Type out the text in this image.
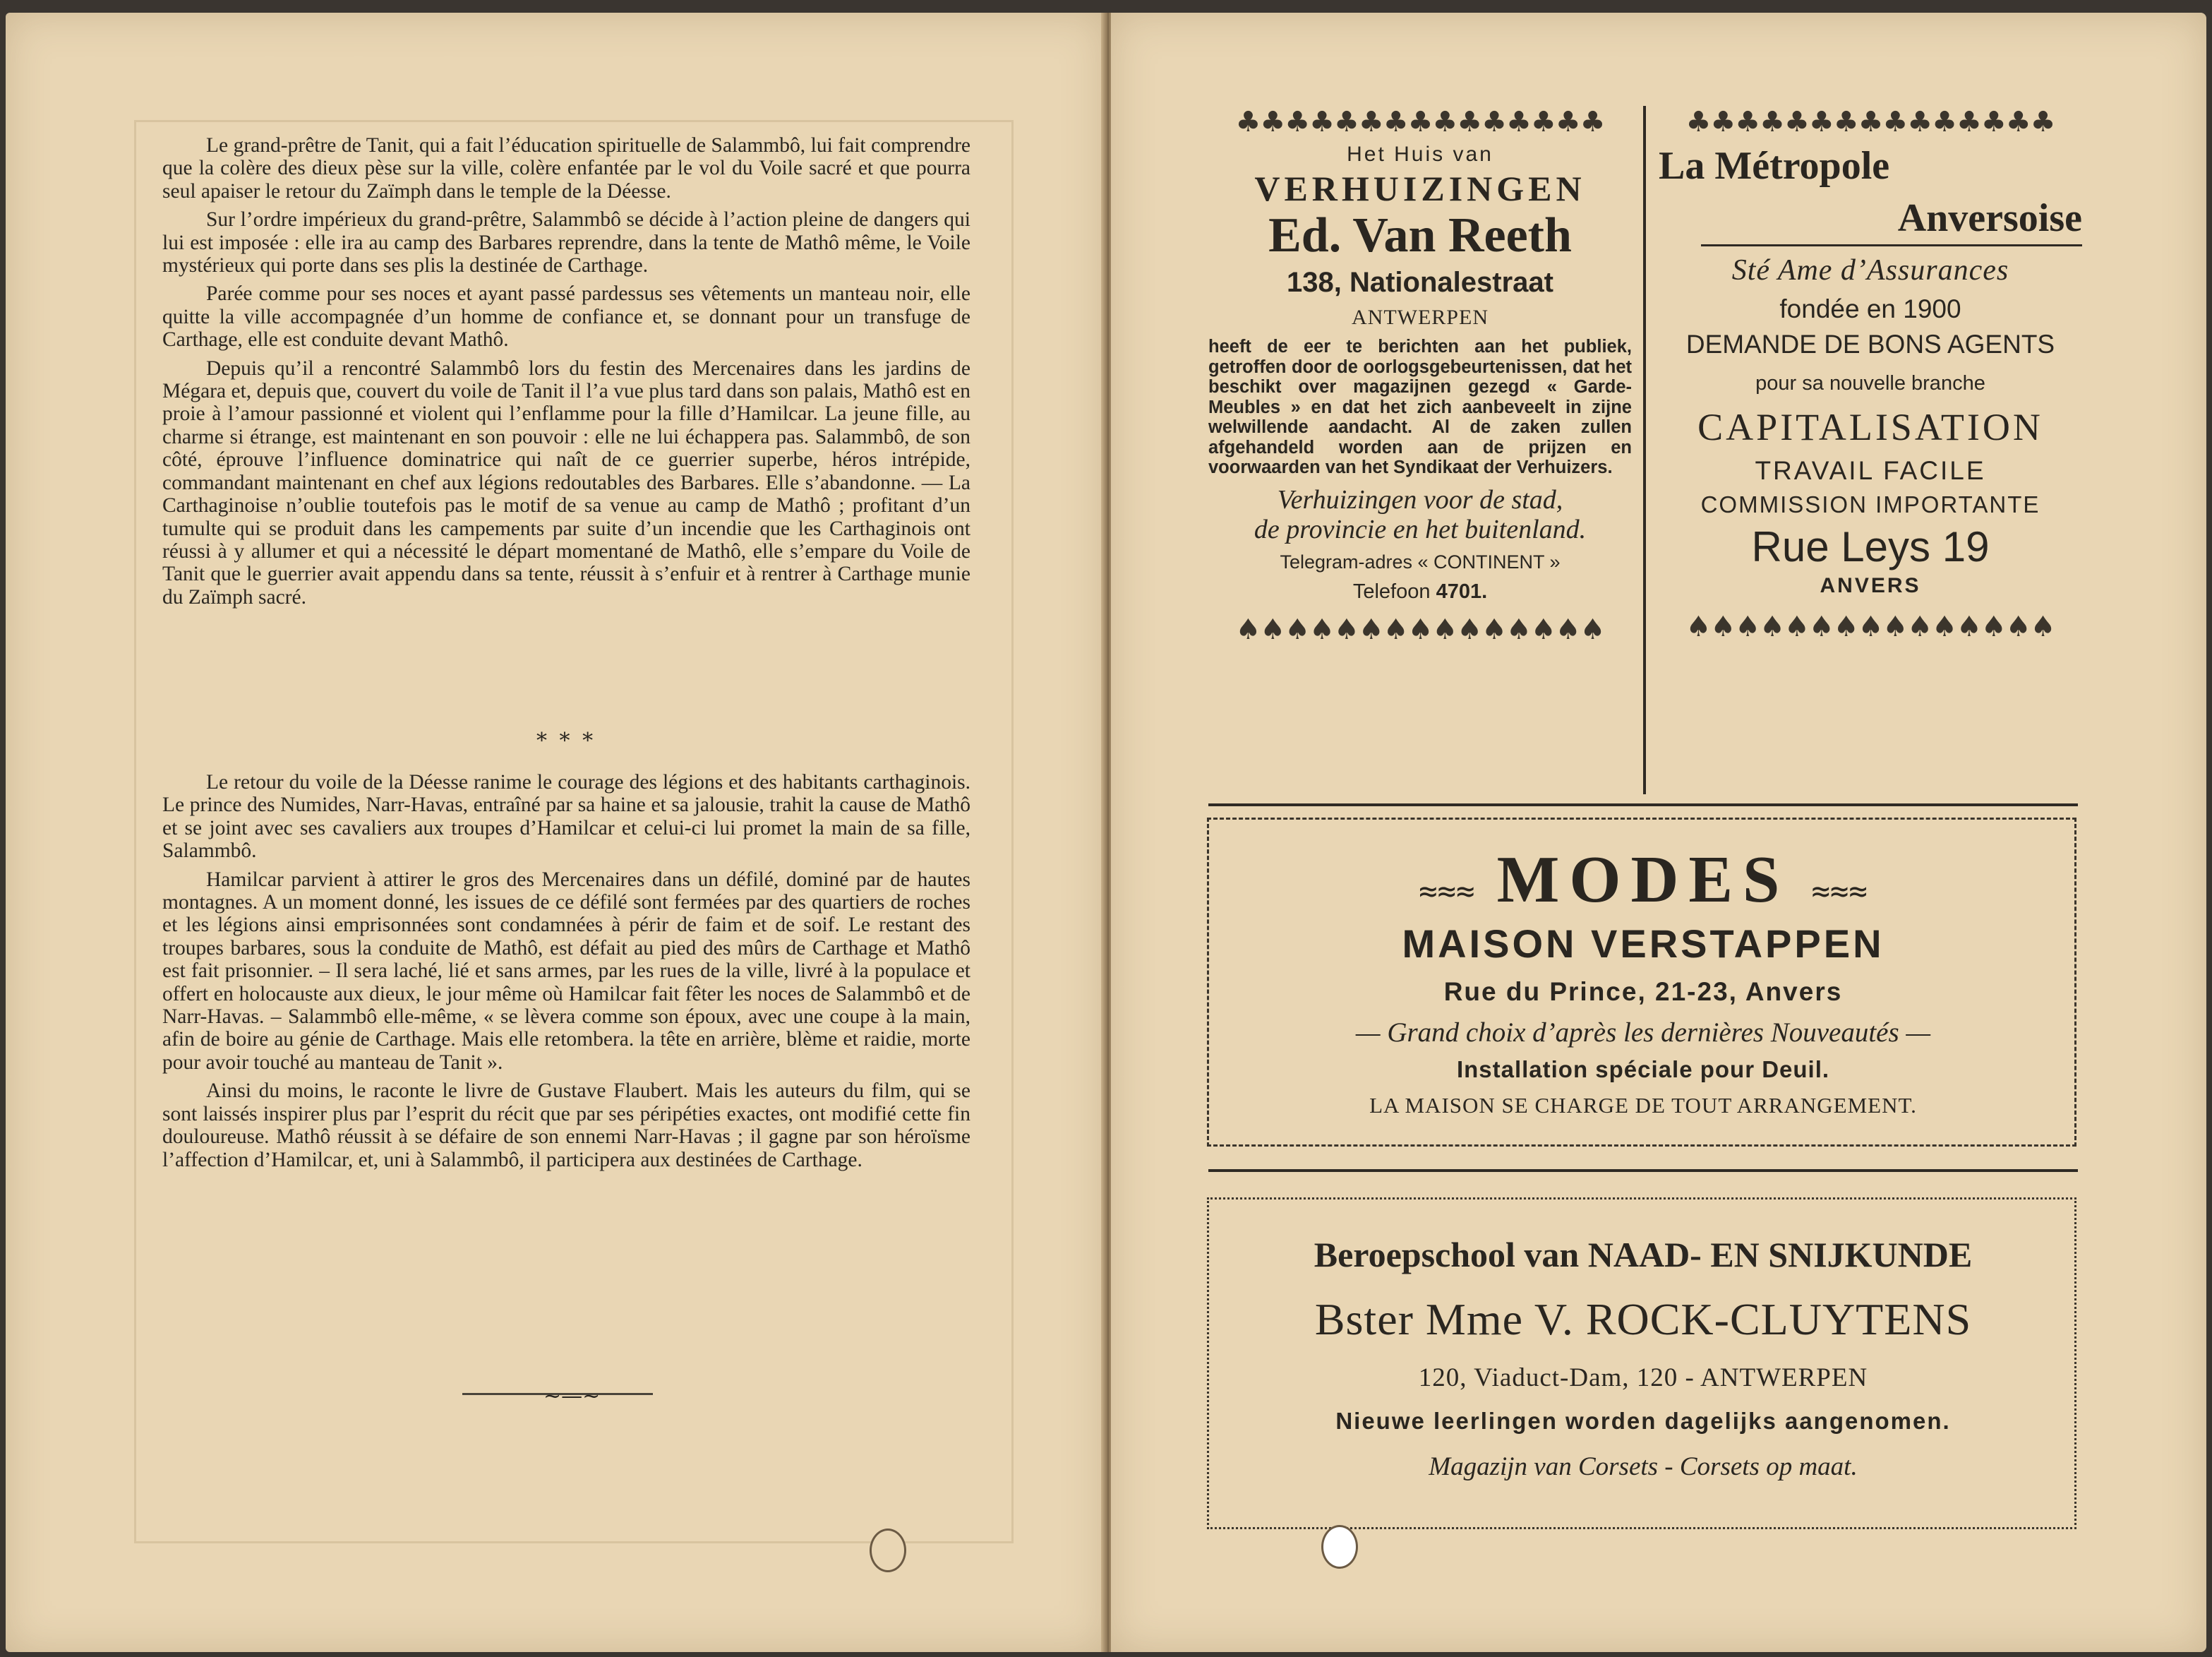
Le grand-prêtre de Tanit, qui a fait l’éducation spirituelle de Salammbô, lui fait comprendre que la colère des dieux pèse sur la ville, colère enfantée par le vol du Voile sacré et que pourra seul apaiser le retour du Zaïmph dans le temple de la Déesse.

Sur l’ordre impérieux du grand-prêtre, Salammbô se décide à l’action pleine de dangers qui lui est imposée : elle ira au camp des Barbares reprendre, dans la tente de Mathô même, le Voile mystérieux qui porte dans ses plis la destinée de Carthage.

Parée comme pour ses noces et ayant passé pardessus ses vêtements un manteau noir, elle quitte la ville accompagnée d’un homme de confiance et, se donnant pour un transfuge de Carthage, elle est conduite devant Mathô.

Depuis qu’il a rencontré Salammbô lors du festin des Mercenaires dans les jardins de Mégara et, depuis que, couvert du voile de Tanit il l’a vue plus tard dans son palais, Mathô est en proie à l’amour passionné et violent qui l’enflamme pour la fille d’Hamilcar. La jeune fille, au charme si étrange, est maintenant en son pouvoir : elle ne lui échappera pas. Salammbô, de son côté, éprouve l’influence dominatrice qui naît de ce guerrier superbe, héros intrépide, commandant maintenant en chef aux légions redoutables des Barbares. Elle s’abandonne. — La Carthaginoise n’oublie toutefois pas le motif de sa venue au camp de Mathô ; profitant d’un tumulte qui se produit dans les campements par suite d’un incendie que les Carthaginois ont réussi à y allumer et qui a nécessité le départ momentané de Mathô, elle s’empare du Voile de Tanit que le guerrier avait appendu dans sa tente, réussit à s’enfuir et à rentrer à Carthage munie du Zaïmph sacré.

* * *

Le retour du voile de la Déesse ranime le courage des légions et des habitants carthaginois. Le prince des Numides, Narr-Havas, entraîné par sa haine et sa jalousie, trahit la cause de Mathô et se joint avec ses cavaliers aux troupes d’Hamilcar et celui-ci lui promet la main de sa fille, Salammbô.

Hamilcar parvient à attirer le gros des Mercenaires dans un défilé, dominé par de hautes montagnes. A un moment donné, les issues de ce défilé sont fermées par des quartiers de roches et les légions ainsi emprisonnées sont condamnées à périr de faim et de soif. Le restant des troupes barbares, sous la conduite de Mathô, est défait au pied des mûrs de Carthage et Mathô est fait prisonnier. – Il sera laché, lié et sans armes, par les rues de la ville, livré à la populace et offert en holocauste aux dieux, le jour même où Hamilcar fait fêter les noces de Salammbô et de Narr-Havas. – Salammbô elle-même, « se lèvera comme son époux, avec une coupe à la main, afin de boire au génie de Carthage. Mais elle retombera. la tête en arrière, blème et raidie, morte pour avoir touché au manteau de Tanit ».

Ainsi du moins, le raconte le livre de Gustave Flaubert. Mais les auteurs du film, qui se sont laissés inspirer plus par l’esprit du récit que par ses péripéties exactes, ont modifié cette fin douloureuse. Mathô réussit à se défaire de son ennemi Narr-Havas ; il gagne par son héroïsme l’affection d’Hamilcar, et, uni à Salammbô, il participera aux destinées de Carthage.

~—~
♣♣♣♣♣♣♣♣♣♣♣♣♣♣♣
Het Huis van
VERHUIZINGEN
Ed. Van Reeth
138, Nationalestraat
ANTWERPEN
heeft de eer te berichten aan het publiek, getroffen door de oorlogsgebeurtenissen, dat het beschikt over magazijnen gezegd « Garde-Meubles » en dat het zich aanbeveelt in zijne welwillende aandacht. Al de zaken zullen afgehandeld worden aan de prijzen en voorwaarden van het Syndikaat der Verhuizers.
Verhuizingen voor de stad,
de provincie en het buitenland.
Telegram-adres « CONTINENT »
Telefoon 4701.
♠♠♠♠♠♠♠♠♠♠♠♠♠♠♠
♣♣♣♣♣♣♣♣♣♣♣♣♣♣♣
La Métropole
Anversoise
Sté Ame d’Assurances
fondée en 1900
DEMANDE DE BONS AGENTS
pour sa nouvelle branche
CAPITALISATION
TRAVAIL FACILE
COMMISSION IMPORTANTE
Rue Leys 19
ANVERS
♠♠♠♠♠♠♠♠♠♠♠♠♠♠♠
≈≈≈ MODES ≈≈≈
MAISON VERSTAPPEN
Rue du Prince, 21-23, Anvers
— Grand choix d’après les dernières Nouveautés —
Installation spéciale pour Deuil.
LA MAISON SE CHARGE DE TOUT ARRANGEMENT.
Beroepschool van NAAD- EN SNIJKUNDE
Bster Mme V. ROCK-CLUYTENS
120, Viaduct-Dam, 120 - ANTWERPEN
Nieuwe leerlingen worden dagelijks aangenomen.
Magazijn van Corsets - Corsets op maat.
